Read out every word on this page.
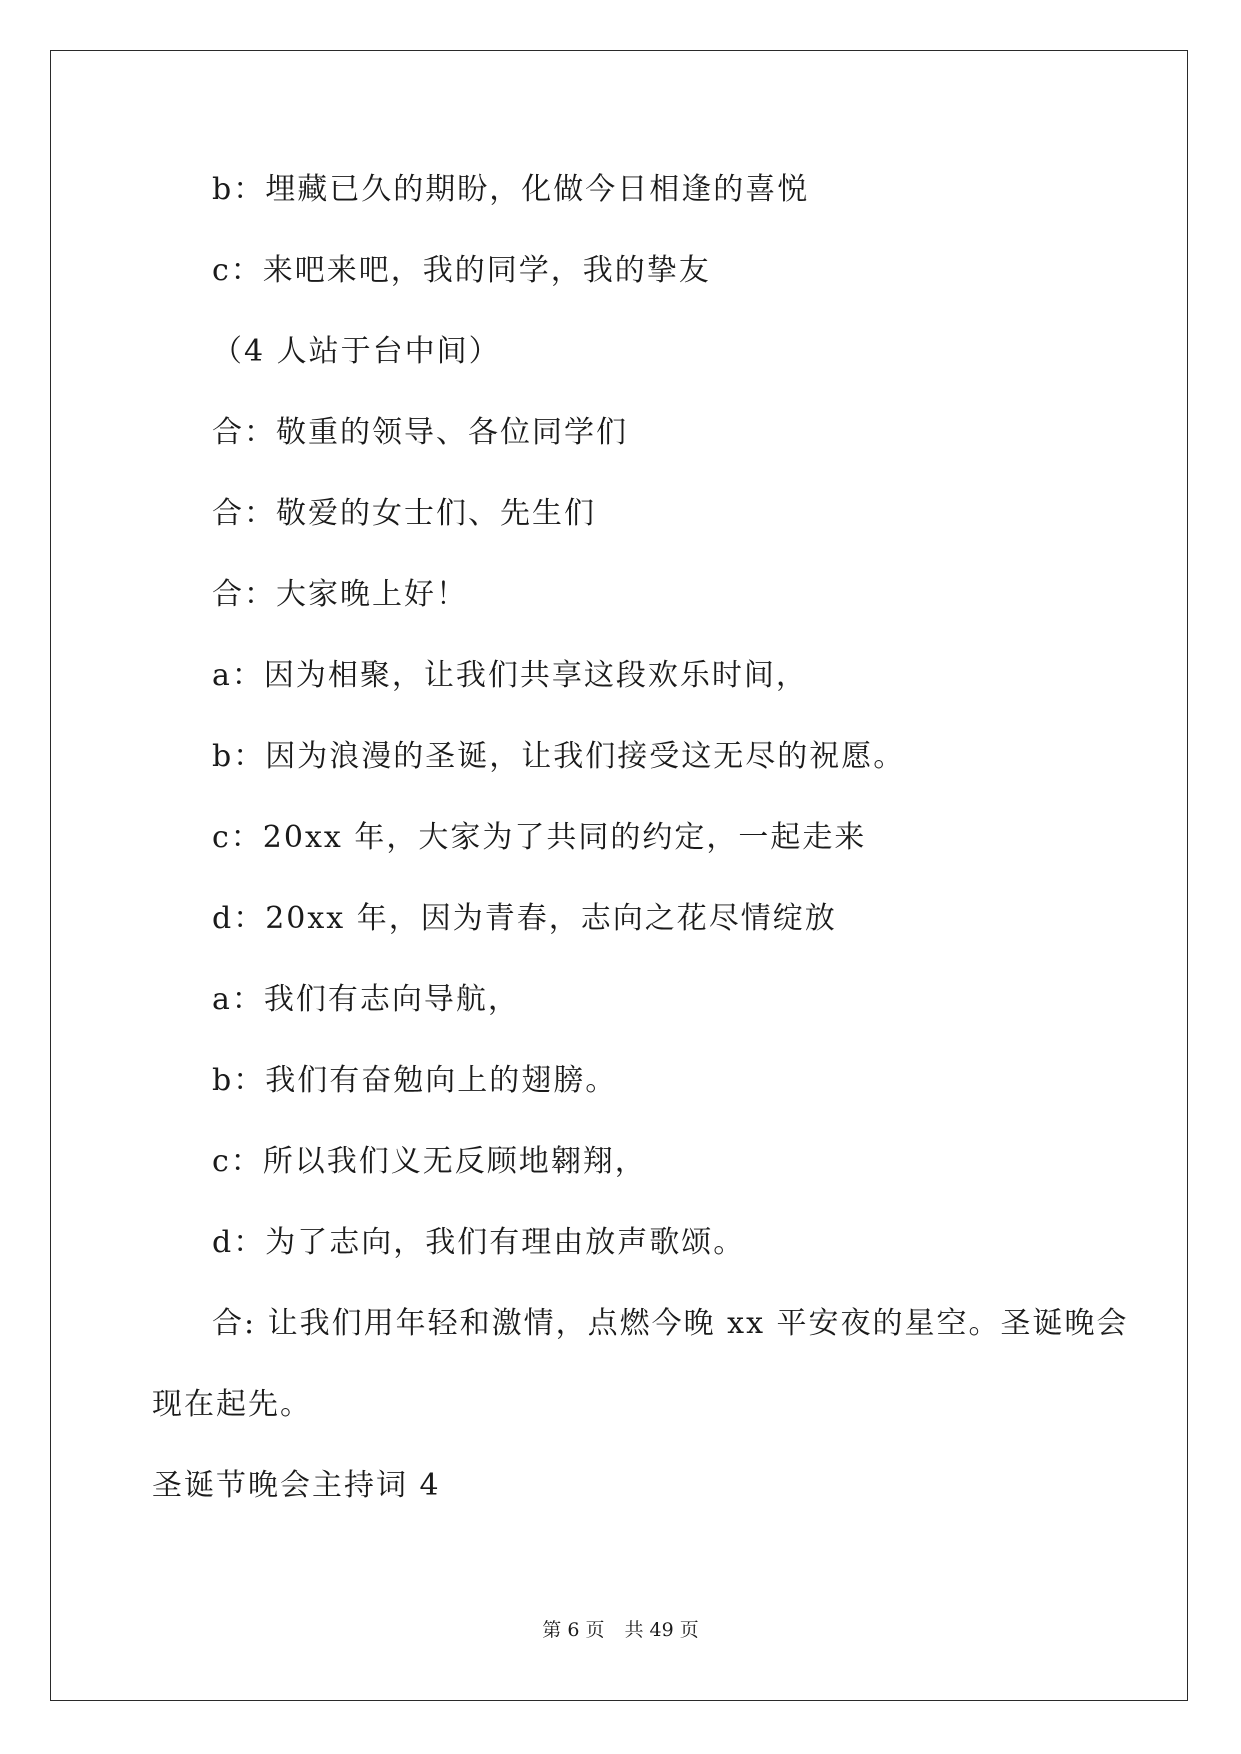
b：埋藏已久的期盼，化做今日相逢的喜悦
c：来吧来吧，我的同学，我的挚友
（4 人站于台中间）
合：敬重的领导、各位同学们
合：敬爱的女士们、先生们
合：大家晚上好！
a：因为相聚，让我们共享这段欢乐时间，
b：因为浪漫的圣诞，让我们接受这无尽的祝愿。
c：20xx 年，大家为了共同的约定，一起走来
d：20xx 年，因为青春，志向之花尽情绽放
a：我们有志向导航，
b：我们有奋勉向上的翅膀。
c：所以我们义无反顾地翱翔，
d：为了志向，我们有理由放声歌颂。
合: 让我们用年轻和激情，点燃今晚 xx 平安夜的星空。圣诞晚会
现在起先。
圣诞节晚会主持词 4
第 6 页 共 49 页
